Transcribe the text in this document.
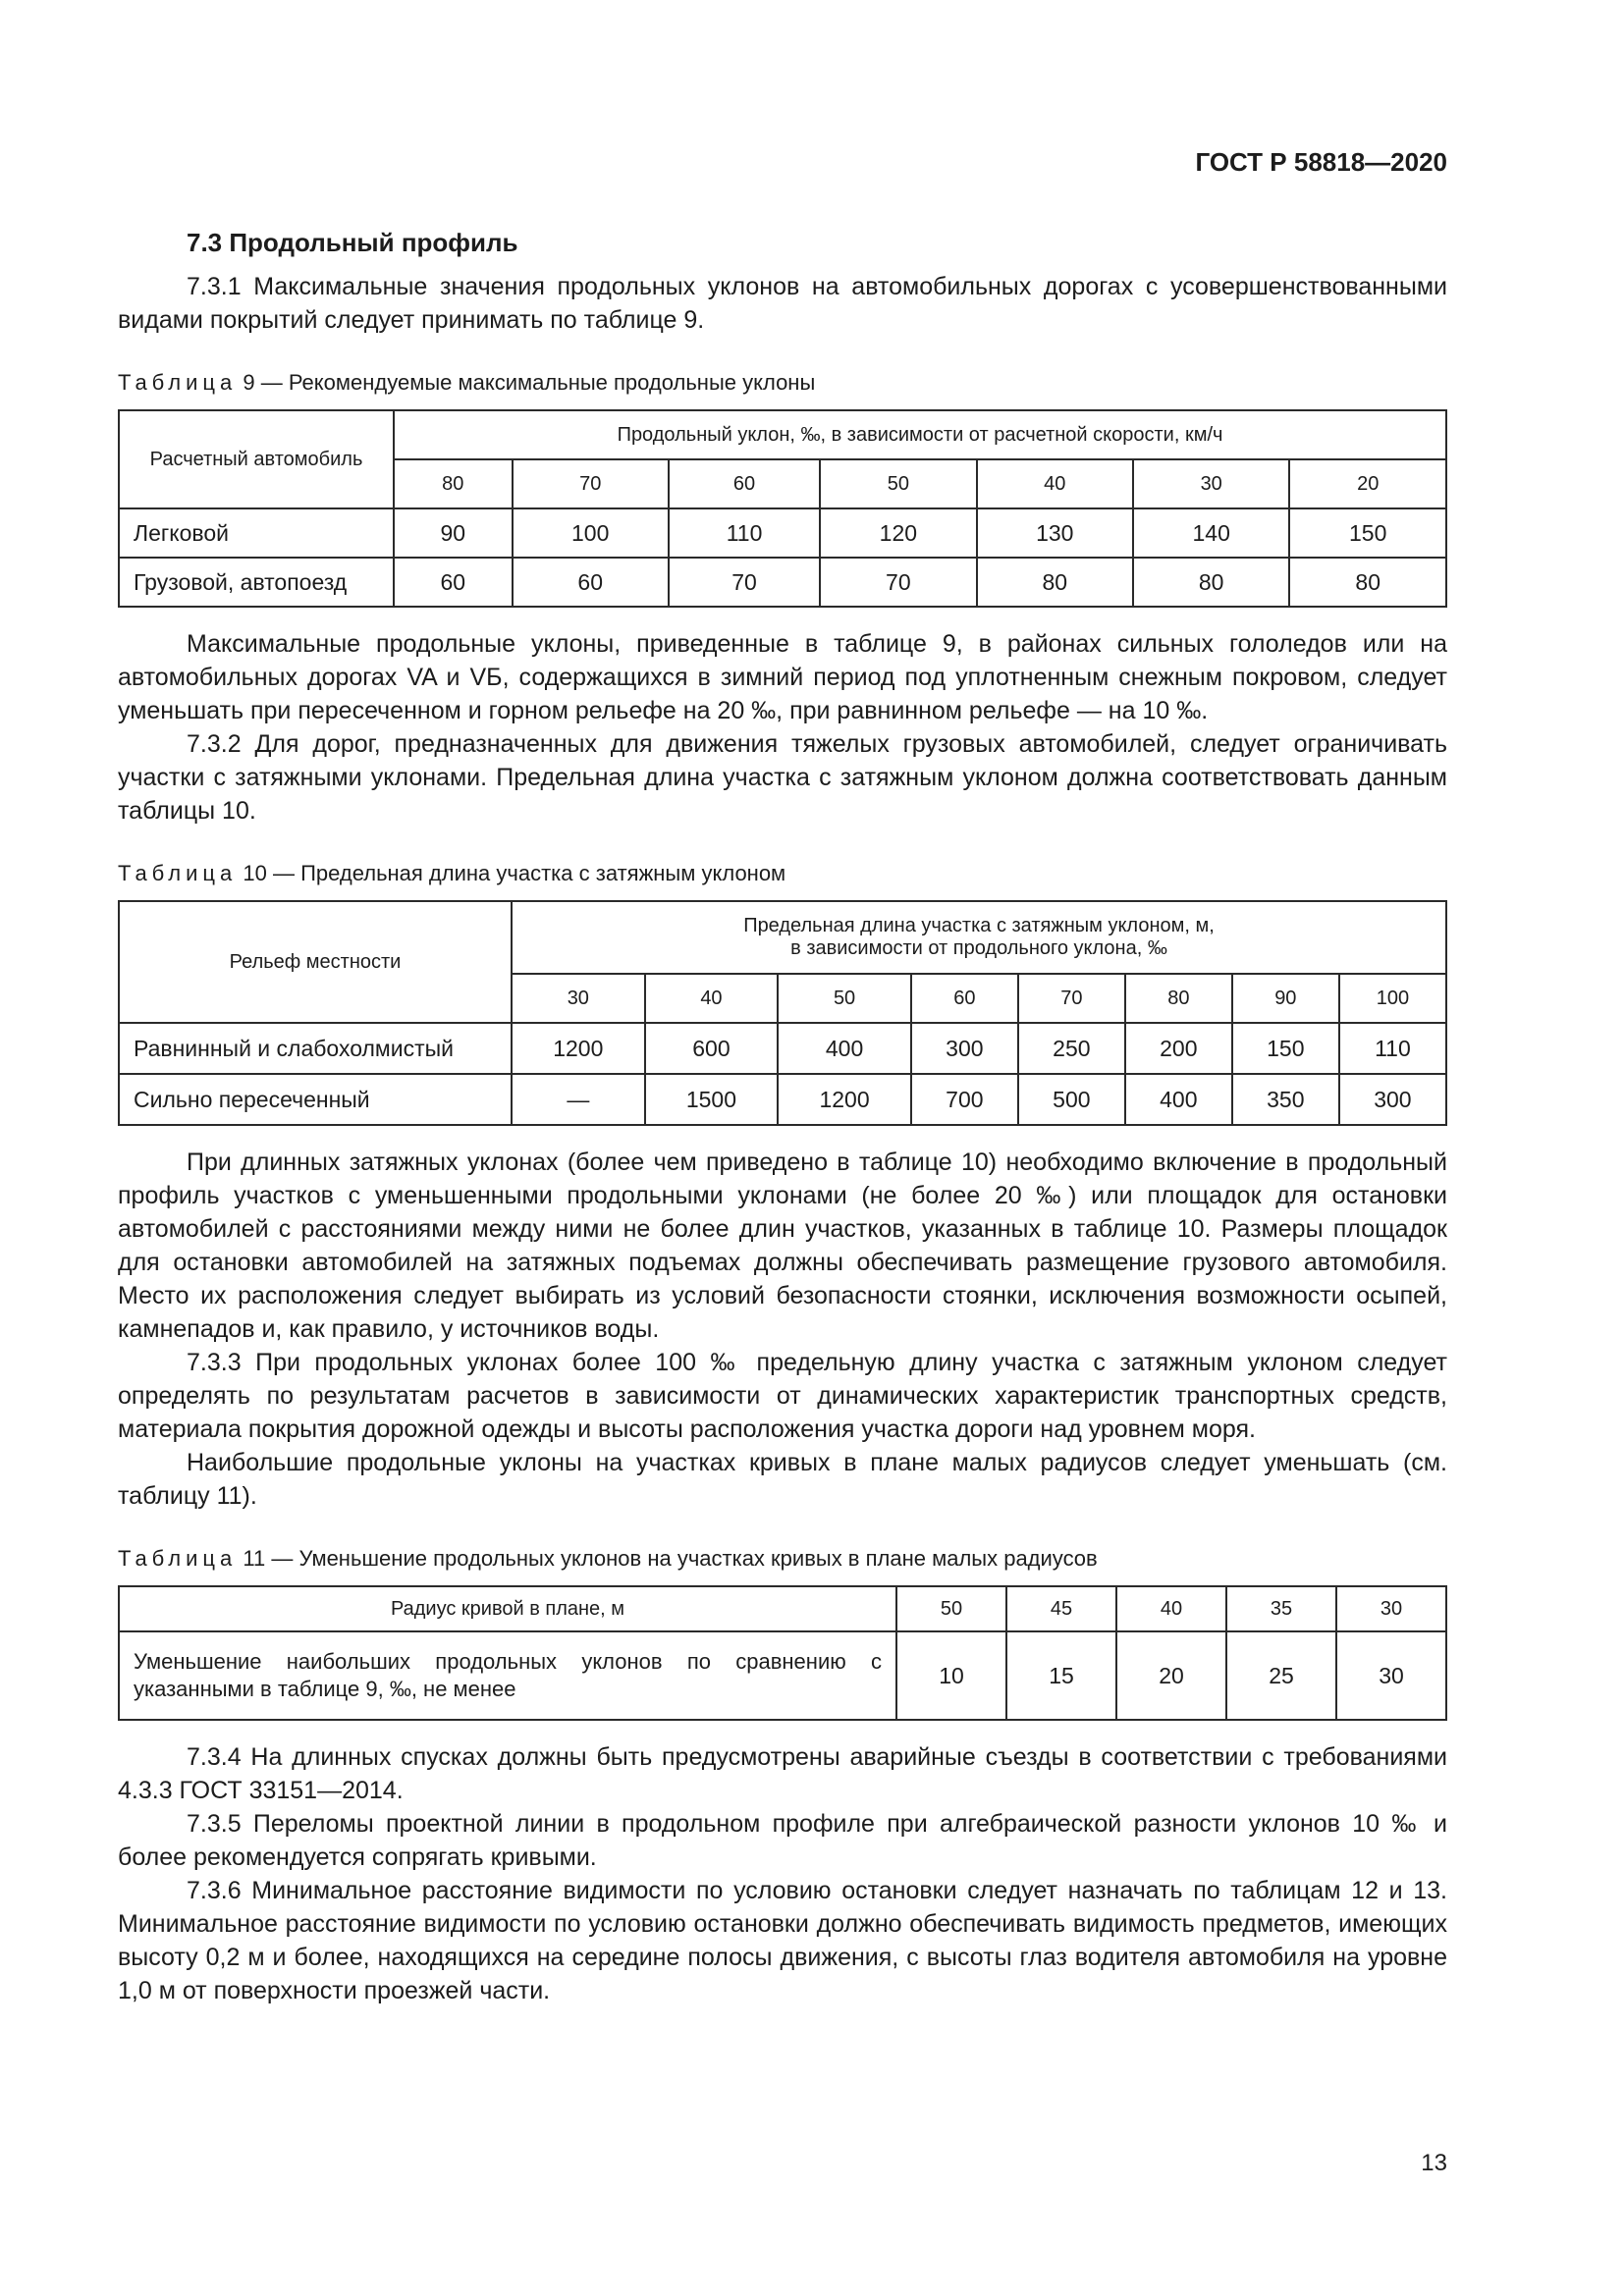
ГОСТ Р 58818—2020
7.3 Продольный профиль

7.3.1 Максимальные значения продольных уклонов на автомобильных дорогах с усовершенствованными видами покрытий следует принимать по таблице 9.

Таблица 9 — Рекомендуемые максимальные продольные уклоны
Расчетный автомобиль	Продольный уклон, ‰, в зависимости от расчетной скорости, км/ч						
	80	70	60	50	40	30	20
Легковой	90	100	110	120	130	140	150
Грузовой, автопоезд	60	60	70	70	80	80	80

Максимальные продольные уклоны, приведенные в таблице 9, в районах сильных гололедов или на автомобильных дорогах VA и VБ, содержащихся в зимний период под уплотненным снежным покровом, следует уменьшать при пересеченном и горном рельефе на 20 ‰, при равнинном рельефе — на 10 ‰.

7.3.2 Для дорог, предназначенных для движения тяжелых грузовых автомобилей, следует ограничивать участки с затяжными уклонами. Предельная длина участка с затяжным уклоном должна соответствовать данным таблицы 10.

Таблица 10 — Предельная длина участка с затяжным уклоном
Рельеф местности	Предельная длина участка с затяжным уклоном, м,
в зависимости от продольного уклона, ‰							

	30	40	50	60	70	80	90	100
Равнинный и слабохолмистый	1200	600	400	300	250	200	150	110
Сильно пересеченный	—	1500	1200	700	500	400	350	300

При длинных затяжных уклонах (более чем приведено в таблице 10) необходимо включение в продольный профиль участков с уменьшенными продольными уклонами (не более 20 ‰) или площадок для остановки автомобилей с расстояниями между ними не более длин участков, указанных в таблице 10. Размеры площадок для остановки автомобилей на затяжных подъемах должны обеспечивать размещение грузового автомобиля. Место их расположения следует выбирать из условий безопасности стоянки, исключения возможности осыпей, камнепадов и, как правило, у источников воды.

7.3.3 При продольных уклонах более 100 ‰ предельную длину участка с затяжным уклоном следует определять по результатам расчетов в зависимости от динамических характеристик транспортных средств, материала покрытия дорожной одежды и высоты расположения участка дороги над уровнем моря.

Наибольшие продольные уклоны на участках кривых в плане малых радиусов следует уменьшать (см. таблицу 11).

Таблица 11 — Уменьшение продольных уклонов на участках кривых в плане малых радиусов
Радиус кривой в плане, м	50	45	40	35	30
Уменьшение наибольших продольных уклонов по сравнению с указанными в таблице 9, ‰, не менее	10	15	20	25	30

7.3.4 На длинных спусках должны быть предусмотрены аварийные съезды в соответствии с требованиями 4.3.3 ГОСТ 33151—2014.

7.3.5 Переломы проектной линии в продольном профиле при алгебраической разности уклонов 10 ‰ и более рекомендуется сопрягать кривыми.

7.3.6 Минимальное расстояние видимости по условию остановки следует назначать по таблицам 12 и 13. Минимальное расстояние видимости по условию остановки должно обеспечивать видимость предметов, имеющих высоту 0,2 м и более, находящихся на середине полосы движения, с высоты глаз водителя автомобиля на уровне 1,0 м от поверхности проезжей части.

13
